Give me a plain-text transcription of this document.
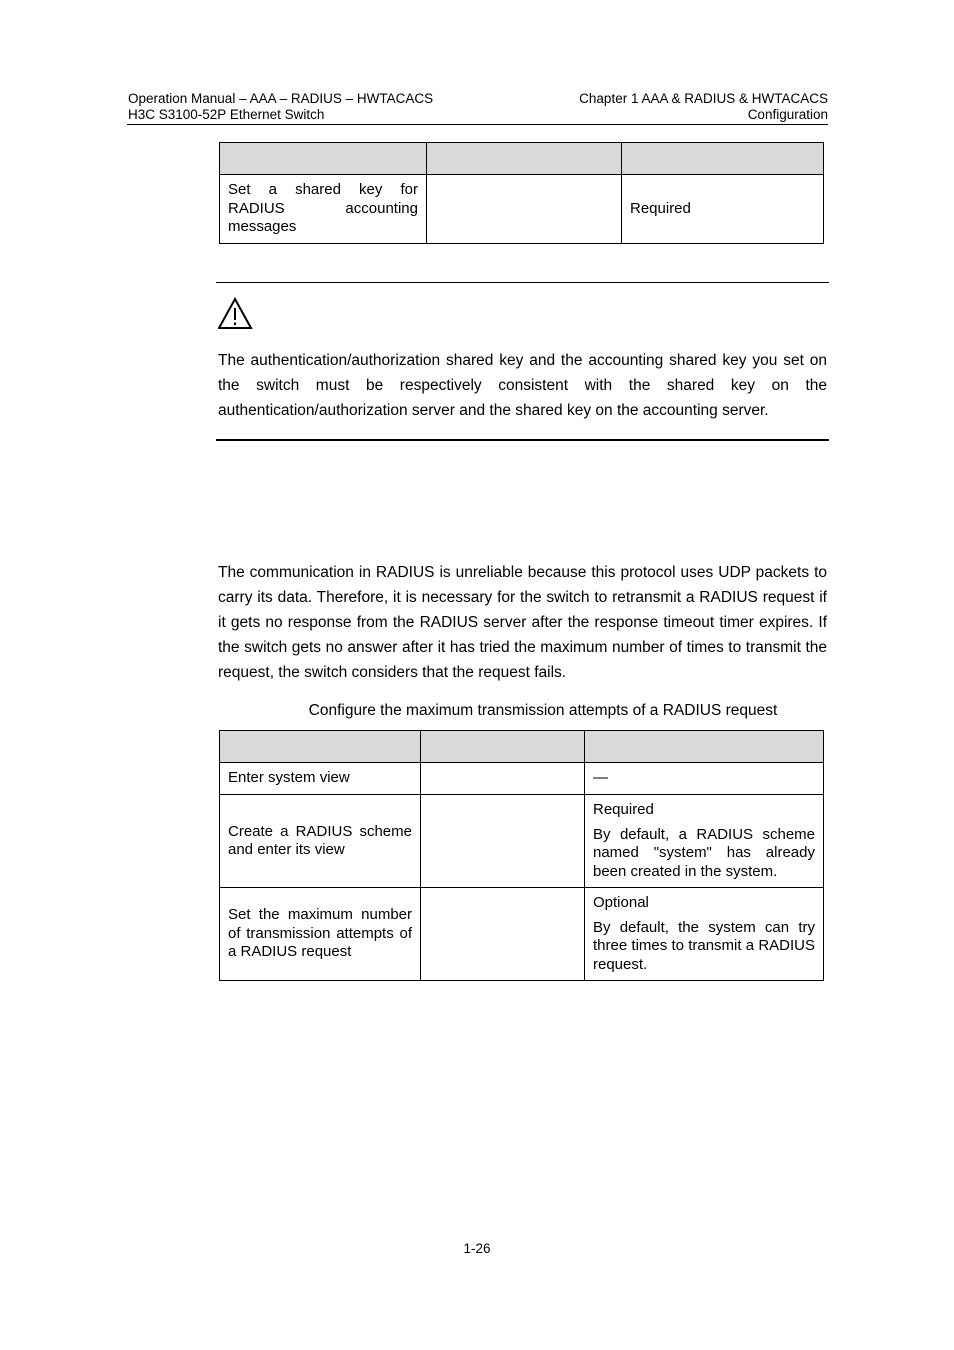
Operation Manual – AAA – RADIUS – HWTACACS
H3C S3100-52P Ethernet Switch
Chapter 1 AAA & RADIUS & HWTACACS
Configuration

Set a shared key for RADIUS accounting messages		Required
The authentication/authorization shared key and the accounting shared key you set on the switch must be respectively consistent with the shared key on the authentication/authorization server and the shared key on the accounting server.
The communication in RADIUS is unreliable because this protocol uses UDP packets to carry its data. Therefore, it is necessary for the switch to retransmit a RADIUS request if it gets no response from the RADIUS server after the response timeout timer expires. If the switch gets no answer after it has tried the maximum number of times to transmit the request, the switch considers that the request fails.
Configure the maximum transmission attempts of a RADIUS request

Enter system view		—

Create a RADIUS scheme and enter its view		Required
By default, a RADIUS scheme named "system" has already been created in the system.

Set the maximum number of transmission attempts of a RADIUS request		Optional
By default, the system can try three times to transmit a RADIUS request.
1-26
